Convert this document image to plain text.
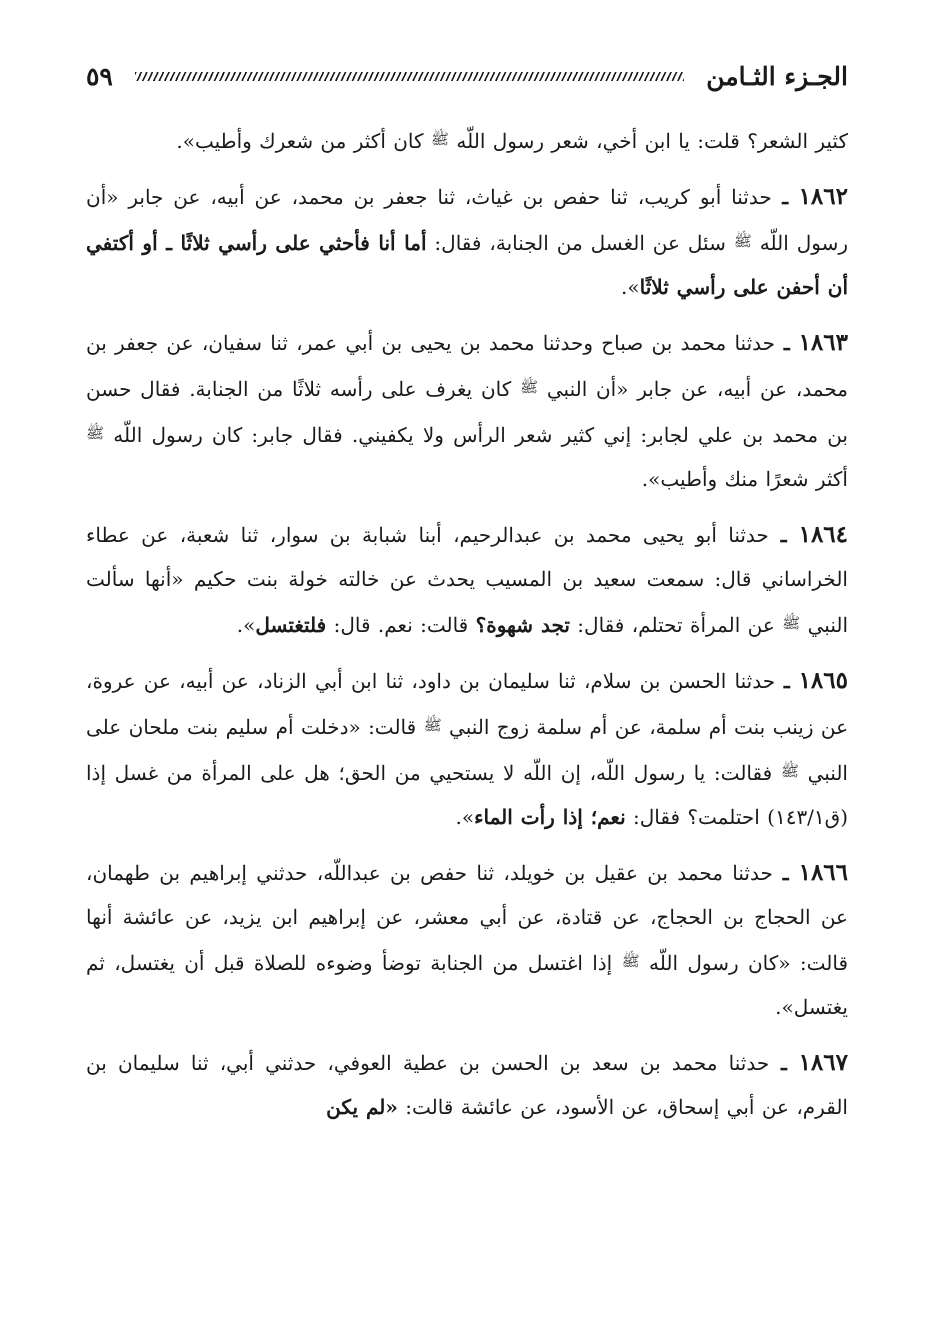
الجـزء الثـامن
٥٩

كثير الشعر؟ قلت: يا ابن أخي، شعر رسول اللّه $^ﷺ$ كان أكثر من شعرك وأطيب».

١٨٦٢ ـ حدثنا أبو كريب، ثنا حفص بن غياث، ثنا جعفر بن محمد، عن أبيه، عن جابر «أن رسول اللّه $^ﷺ$ سئل عن الغسل من الجنابة، فقال: أما أنا فأحثي على رأسي ثلاثًا ـ أو أكتفي أن أحفن على رأسي ثلاثًا».

١٨٦٣ ـ حدثنا محمد بن صباح وحدثنا محمد بن يحيى بن أبي عمر، ثنا سفيان، عن جعفر بن محمد، عن أبيه، عن جابر «أن النبي $^ﷺ$ كان يغرف على رأسه ثلاثًا من الجنابة. فقال حسن بن محمد بن علي لجابر: إني كثير شعر الرأس ولا يكفيني. فقال جابر: كان رسول اللّه $^ﷺ$ أكثر شعرًا منك وأطيب».

١٨٦٤ ـ حدثنا أبو يحيى محمد بن عبدالرحيم، أبنا شبابة بن سوار، ثنا شعبة، عن عطاء الخراساني قال: سمعت سعيد بن المسيب يحدث عن خالته خولة بنت حكيم «أنها سألت النبي $^ﷺ$ عن المرأة تحتلم، فقال: تجد شهوة؟ قالت: نعم. قال: فلتغتسل».

١٨٦٥ ـ حدثنا الحسن بن سلام، ثنا سليمان بن داود، ثنا ابن أبي الزناد، عن أبيه، عن عروة، عن زينب بنت أم سلمة، عن أم سلمة زوج النبي $^ﷺ$ قالت: «دخلت أم سليم بنت ملحان على النبي $^ﷺ$ فقالت: يا رسول اللّه، إن اللّه لا يستحيي من الحق؛ هل على المرأة من غسل إذا (ق١٤٣/١) احتلمت؟ فقال: نعم؛ إذا رأت الماء».

١٨٦٦ ـ حدثنا محمد بن عقيل بن خويلد، ثنا حفص بن عبداللّه، حدثني إبراهيم بن طهمان، عن الحجاج بن الحجاج، عن قتادة، عن أبي معشر، عن إبراهيم ابن يزيد، عن عائشة أنها قالت: «كان رسول اللّه $^ﷺ$ إذا اغتسل من الجنابة توضأ وضوءه للصلاة قبل أن يغتسل، ثم يغتسل».

١٨٦٧ ـ حدثنا محمد بن سعد بن الحسن بن عطية العوفي، حدثني أبي، ثنا سليمان بن القرم، عن أبي إسحاق، عن الأسود، عن عائشة قالت: «لم يكن
